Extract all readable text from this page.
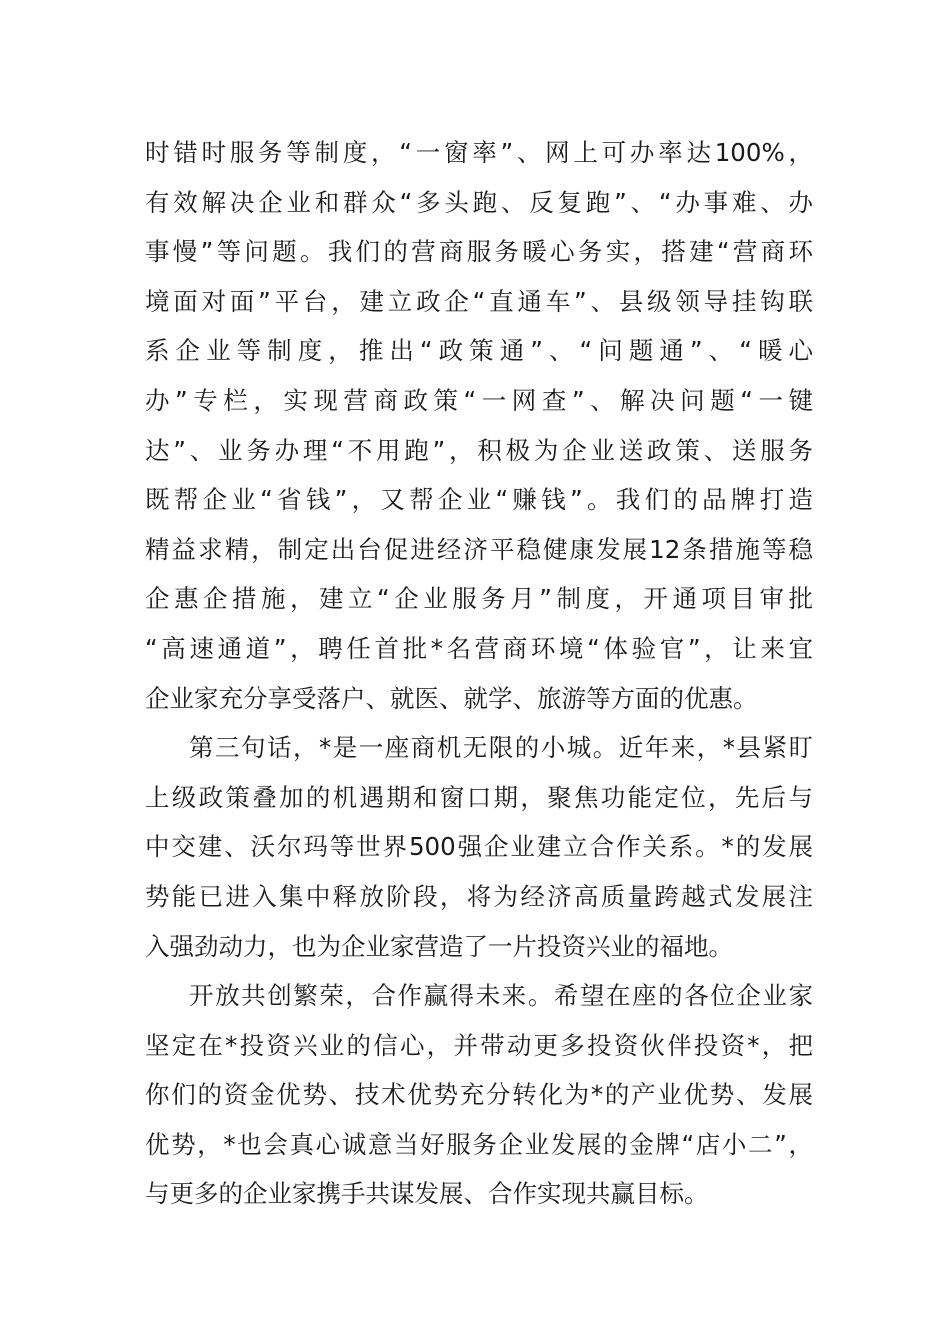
时错时服务等制度，“一窗率”、网上可办率达100%，
有效解决企业和群众“多头跑、反复跑”、“办事难、办
事慢”等问题。我们的营商服务暖心务实，搭建“营商环
境面对面”平台，建立政企“直通车”、县级领导挂钩联
系企业等制度，推出“政策通”、“问题通”、“暖心
办”专栏，实现营商政策“一网查”、解决问题“一键
达”、业务办理“不用跑”，积极为企业送政策、送服务
既帮企业“省钱”，又帮企业“赚钱”。我们的品牌打造
精益求精，制定出台促进经济平稳健康发展12条措施等稳
企惠企措施，建立“企业服务月”制度，开通项目审批
“高速通道”，聘任首批*名营商环境“体验官”，让来宜
企业家充分享受落户、就医、就学、旅游等方面的优惠。
第三句话，*是一座商机无限的小城。近年来，*县紧盯
上级政策叠加的机遇期和窗口期，聚焦功能定位，先后与
中交建、沃尔玛等世界500强企业建立合作关系。*的发展
势能已进入集中释放阶段，将为经济高质量跨越式发展注
入强劲动力，也为企业家营造了一片投资兴业的福地。
开放共创繁荣，合作赢得未来。希望在座的各位企业家
坚定在*投资兴业的信心，并带动更多投资伙伴投资*，把
你们的资金优势、技术优势充分转化为*的产业优势、发展
优势，*也会真心诚意当好服务企业发展的金牌“店小二”，
与更多的企业家携手共谋发展、合作实现共赢目标。
